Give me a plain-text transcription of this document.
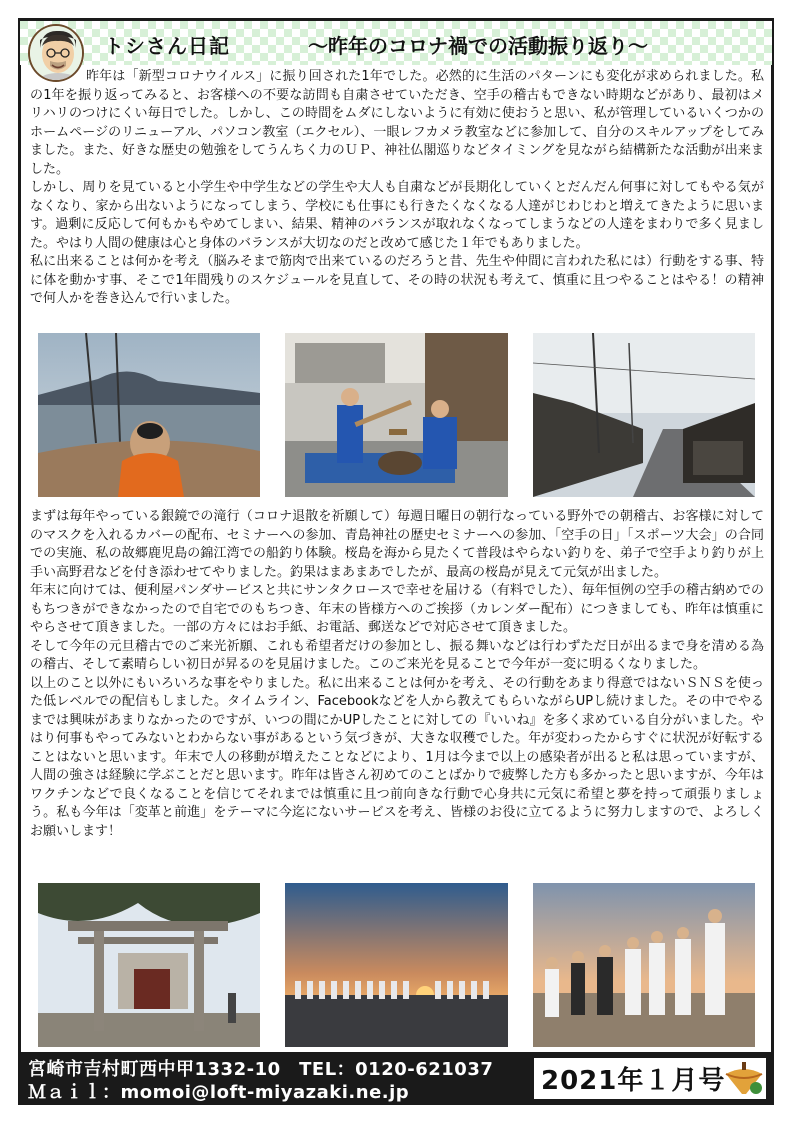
トシさん日記	～昨年のコロナ禍での活動振り返り～

昨年は「新型コロナウイルス」に振り回された1年でした。必然的に生活のパターンにも変化が求められました。私の1年を振り返ってみると、お客様への不要な訪問も自粛させていただき、空手の稽古もできない時期などがあり、最初はメリハリのつけにくい毎日でした。しかし、この時間をムダにしないように有効に使おうと思い、私が管理しているいくつかのホームページのリニューアル、パソコン教室（エクセル）、一眼レフカメラ教室などに参加して、自分のスキルアップをしてみました。また、好きな歴史の勉強をしてうんちく力のＵＰ、神社仏閣巡りなどタイミングを見ながら結構新たな活動が出来ました。

しかし、周りを見ていると小学生や中学生などの学生や大人も自粛などが長期化していくとだんだん何事に対してもやる気がなくなり、家から出ないようになってしまう、学校にも仕事にも行きたくなくなる人達がじわじわと増えてきたように思います。過剰に反応して何もかもやめてしまい、結果、精神のバランスが取れなくなってしまうなどの人達をまわりで多く見ました。やはり人間の健康は心と身体のバランスが大切なのだと改めて感じた１年でもありました。

私に出来ることは何かを考え（脳みそまで筋肉で出来ているのだろうと昔、先生や仲間に言われた私には）行動をする事、特に体を動かす事、そこで1年間残りのスケジュールを見直して、その時の状況も考えて、慎重に且つやることはやる！の精神で何人かを巻き込んで行いました。

まずは毎年やっている銀鏡での滝行（コロナ退散を祈願して）毎週日曜日の朝行なっている野外での朝稽古、お客様に対してのマスクを入れるカバーの配布、セミナーへの参加、青島神社の歴史セミナーへの参加、「空手の日」「スポーツ大会」の合同での実施、私の故郷鹿児島の錦江湾での船釣り体験。桜島を海から見たくて普段はやらない釣りを、弟子で空手より釣りが上手い高野君などを付き添わせてやりました。釣果はまあまあでしたが、最高の桜島が見えて元気が出ました。

年末に向けては、便利屋パンダサービスと共にサンタクロースで幸せを届ける（有料でした）、毎年恒例の空手の稽古納めでのもちつきができなかったので自宅でのもちつき、年末の皆様方へのご挨拶（カレンダー配布）につきましても、昨年は慎重にやらさせて頂きました。一部の方々にはお手紙、お電話、郵送などで対応させて頂きました。

そして今年の元旦稽古でのご来光祈願、これも希望者だけの参加とし、振る舞いなどは行わずただ日が出るまで身を清める為の稽古、そして素晴らしい初日が昇るのを見届けました。このご来光を見ることで今年が一変に明るくなりました。

以上のこと以外にもいろいろな事をやりました。私に出来ることは何かを考え、その行動をあまり得意ではないＳＮＳを使った低レベルでの配信もしました。タイムライン、Facebookなどを人から教えてもらいながらUPし続けました。その中でやるまでは興味があまりなかったのですが、いつの間にかUPしたことに対しての『いいね』を多く求めている自分がいました。やはり何事もやってみないとわからない事があるという気づきが、大きな収穫でした。年が変わったからすぐに状況が好転することはないと思います。年末で人の移動が増えたことなどにより、1月は今まで以上の感染者が出ると私は思っていますが、人間の強さは経験に学ぶことだと思います。昨年は皆さん初めてのことばかりで疲弊した方も多かったと思いますが、今年はワクチンなどで良くなることを信じてそれまでは慎重に且つ前向きな行動で心身共に元気に希望と夢を持って頑張りましょう。私も今年は「変革と前進」をテーマに今迄にないサービスを考え、皆様のお役に立てるように努力しますので、よろしくお願いします！

宮崎市吉村町西中甲1332-10　TEL：0120-621037
Ｍａｉｌ：momoi@loft-miyazaki.ne.jp	2021年１月号
